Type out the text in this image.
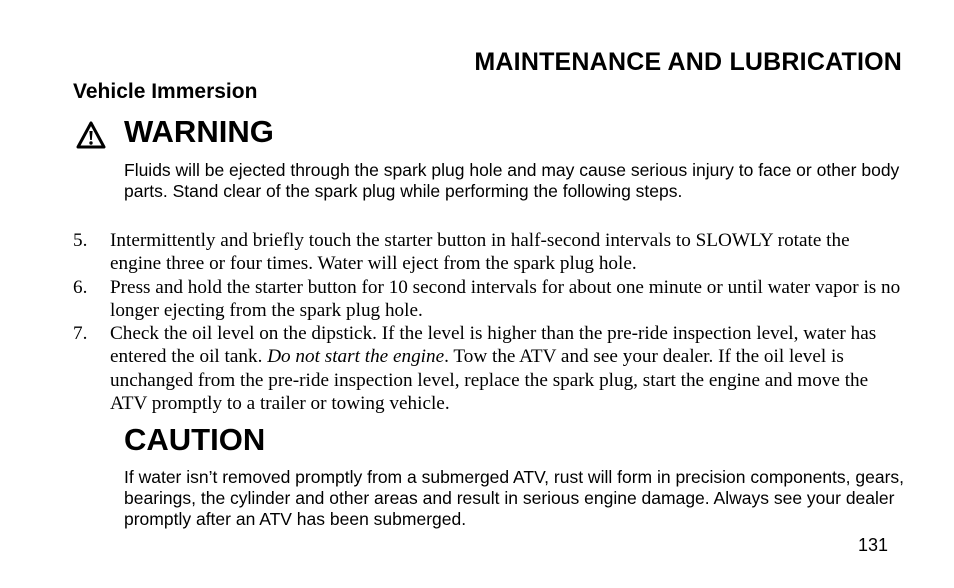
MAINTENANCE AND LUBRICATION
Vehicle Immersion
WARNING
Fluids will be ejected through the spark plug hole and may cause serious injury to face or other body parts. Stand clear of the spark plug while performing the following steps.
5. Intermittently and briefly touch the starter button in half-second intervals to SLOWLY rotate the engine three or four times. Water will eject from the spark plug hole.
6. Press and hold the starter button for 10 second intervals for about one minute or until water vapor is no longer ejecting from the spark plug hole.
7. Check the oil level on the dipstick. If the level is higher than the pre-ride inspection level, water has entered the oil tank. Do not start the engine. Tow the ATV and see your dealer. If the oil level is unchanged from the pre-ride inspection level, replace the spark plug, start the engine and move the ATV promptly to a trailer or towing vehicle.
CAUTION
If water isn’t removed promptly from a submerged ATV, rust will form in precision components, gears, bearings, the cylinder and other areas and result in serious engine damage. Always see your dealer promptly after an ATV has been submerged.
131
